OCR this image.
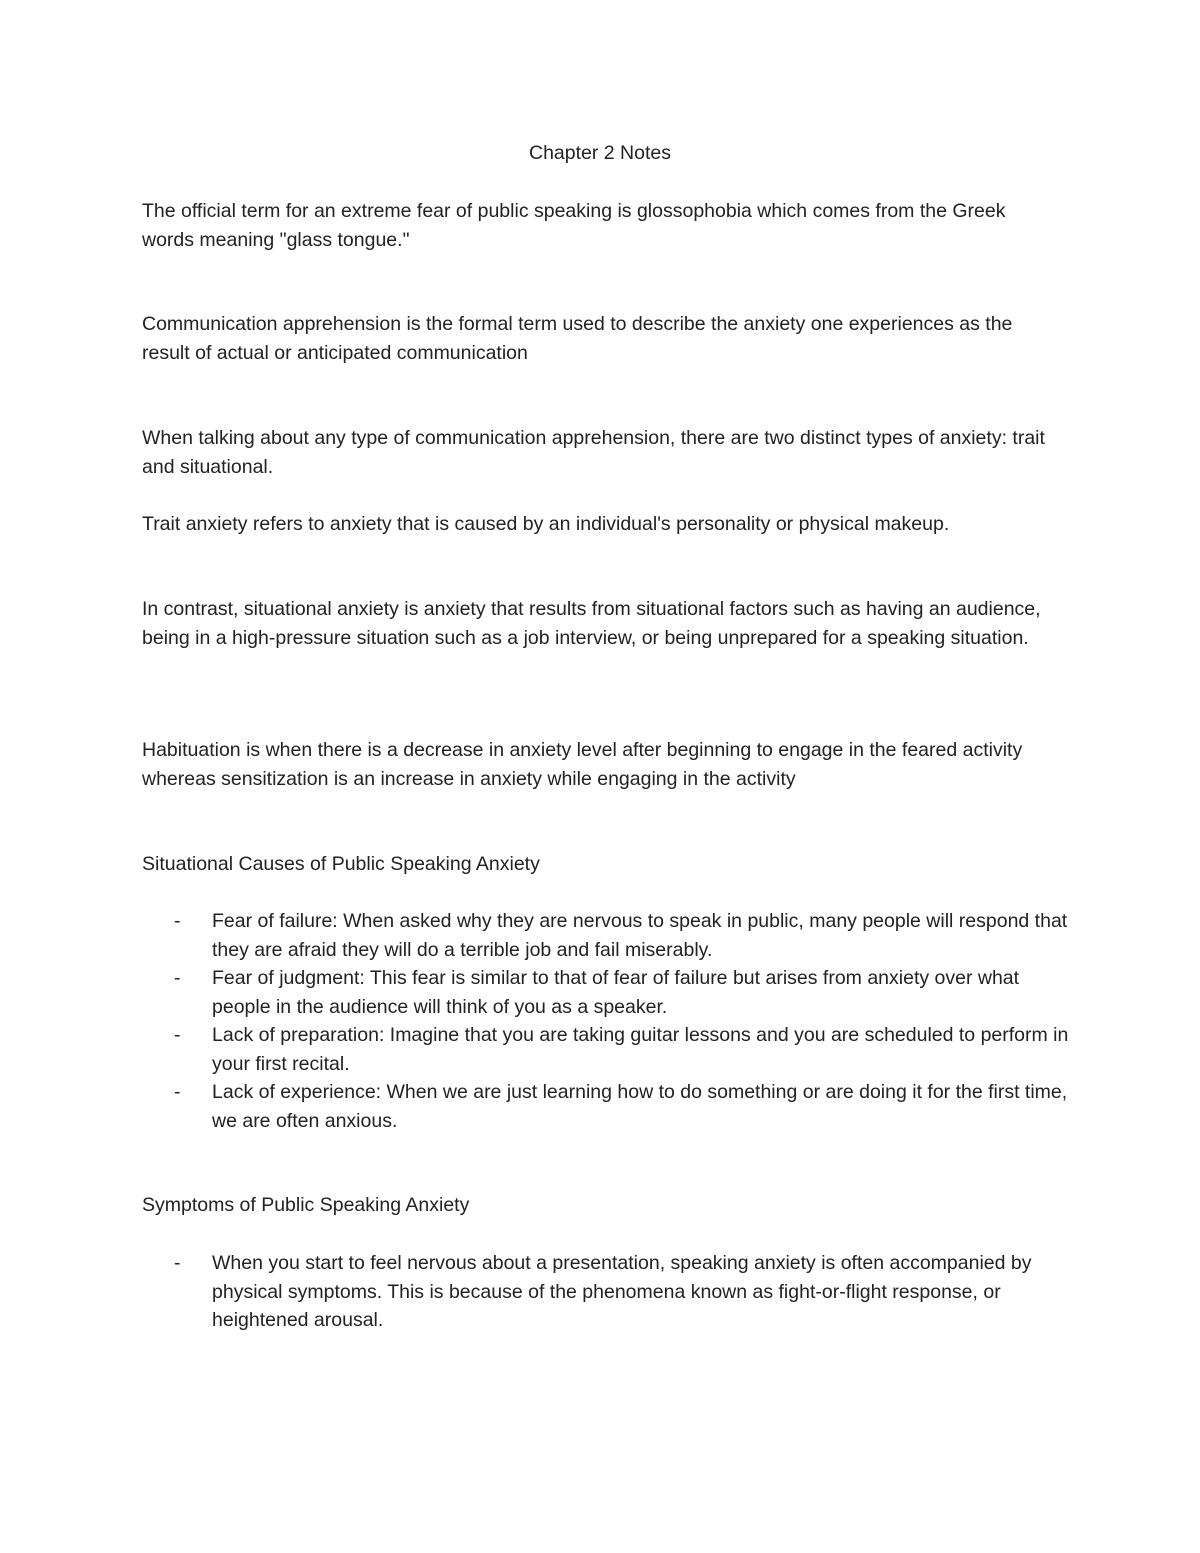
Chapter 2 Notes

The official term for an extreme fear of public speaking is glossophobia which comes from the Greek words meaning "glass tongue."

Communication apprehension is the formal term used to describe the anxiety one experiences as the result of actual or anticipated communication

When talking about any type of communication apprehension, there are two distinct types of anxiety: trait and situational.

Trait anxiety refers to anxiety that is caused by an individual's personality or physical makeup.

In contrast, situational anxiety is anxiety that results from situational factors such as having an audience, being in a high-pressure situation such as a job interview, or being unprepared for a speaking situation.

Habituation is when there is a decrease in anxiety level after beginning to engage in the feared activity whereas sensitization is an increase in anxiety while engaging in the activity

Situational Causes of Public Speaking Anxiety

- Fear of failure: When asked why they are nervous to speak in public, many people will respond that they are afraid they will do a terrible job and fail miserably.
- Fear of judgment: This fear is similar to that of fear of failure but arises from anxiety over what people in the audience will think of you as a speaker.
- Lack of preparation: Imagine that you are taking guitar lessons and you are scheduled to perform in your first recital.
- Lack of experience: When we are just learning how to do something or are doing it for the first time, we are often anxious.

Symptoms of Public Speaking Anxiety

- When you start to feel nervous about a presentation, speaking anxiety is often accompanied by physical symptoms. This is because of the phenomena known as fight-or-flight response, or heightened arousal.
